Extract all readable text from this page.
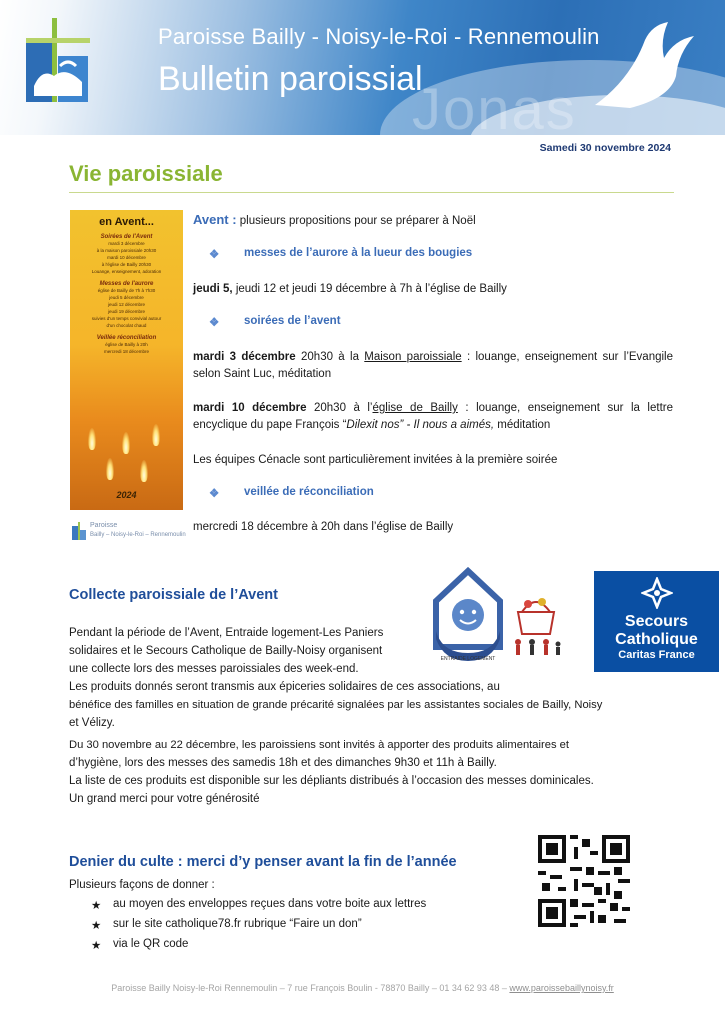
Jonas
Paroisse Bailly - Noisy-le-Roi - Rennemoulin
Bulletin paroissial
Samedi 30 novembre 2024
Vie paroissiale
en Avent...
Soirées de l'Avent
mardi 3 décembre
à la maison paroissiale 20h30
mardi 10 décembre
à l'église de Bailly 20h30
Louange, enseignement, adoration
Messes de l'aurore
église de Bailly de 7h à 7h30
jeudi 5 décembre
jeudi 12 décembre
jeudi 19 décembre
suivies d'un temps convivial autour
d'un chocolat chaud
Veillée réconciliation
église de Bailly à 20h
mercredi 18 décembre
2024
Paroisse
Bailly – Noisy-le-Roi – Rennemoulin
Avent : plusieurs propositions pour se préparer à Noël
❖ messes de l’aurore à la lueur des bougies
jeudi 5, jeudi 12 et jeudi 19 décembre à 7h à l’église de Bailly
❖ soirées de l’avent
mardi 3 décembre 20h30 à la Maison paroissiale : louange, enseignement sur l’Evangile selon Saint Luc, méditation
mardi 10 décembre 20h30 à l’église de Bailly : louange, enseignement sur la lettre encyclique du pape François “Dilexit nos” - Il nous a aimés, méditation
Les équipes Cénacle sont particulièrement invitées à la première soirée
❖ veillée de réconciliation
mercredi 18 décembre à 20h dans l’église de Bailly
Collecte paroissiale de l’Avent
ENTRAIDE LOGEMENT
Secours
Catholique
Caritas France
Pendant la période de l’Avent, Entraide logement-Les Paniers
solidaires et le Secours Catholique de Bailly-Noisy organisent
une collecte lors des messes paroissiales des week-end.
Les produits donnés seront transmis aux épiceries solidaires de ces associations, au
bénéfice des familles en situation de grande précarité signalées par les assistantes sociales de Bailly, Noisy
et Vélizy.
Du 30 novembre au 22 décembre, les paroissiens sont invités à apporter des produits alimentaires et
d’hygiène, lors des messes des samedis 18h et des dimanches 9h30 et 11h à Bailly.
La liste de ces produits est disponible sur les dépliants distribués à l’occasion des messes dominicales.
Un grand merci pour votre générosité
Denier du culte : merci d’y penser avant la fin de l’année
Plusieurs façons de donner :
★ au moyen des enveloppes reçues dans votre boite aux lettres
★ sur le site catholique78.fr rubrique “Faire un don”
★ via le QR code
Paroisse Bailly Noisy-le-Roi Rennemoulin – 7 rue François Boulin - 78870 Bailly – 01 34 62 93 48 – www.paroissebaillynoisy.fr
